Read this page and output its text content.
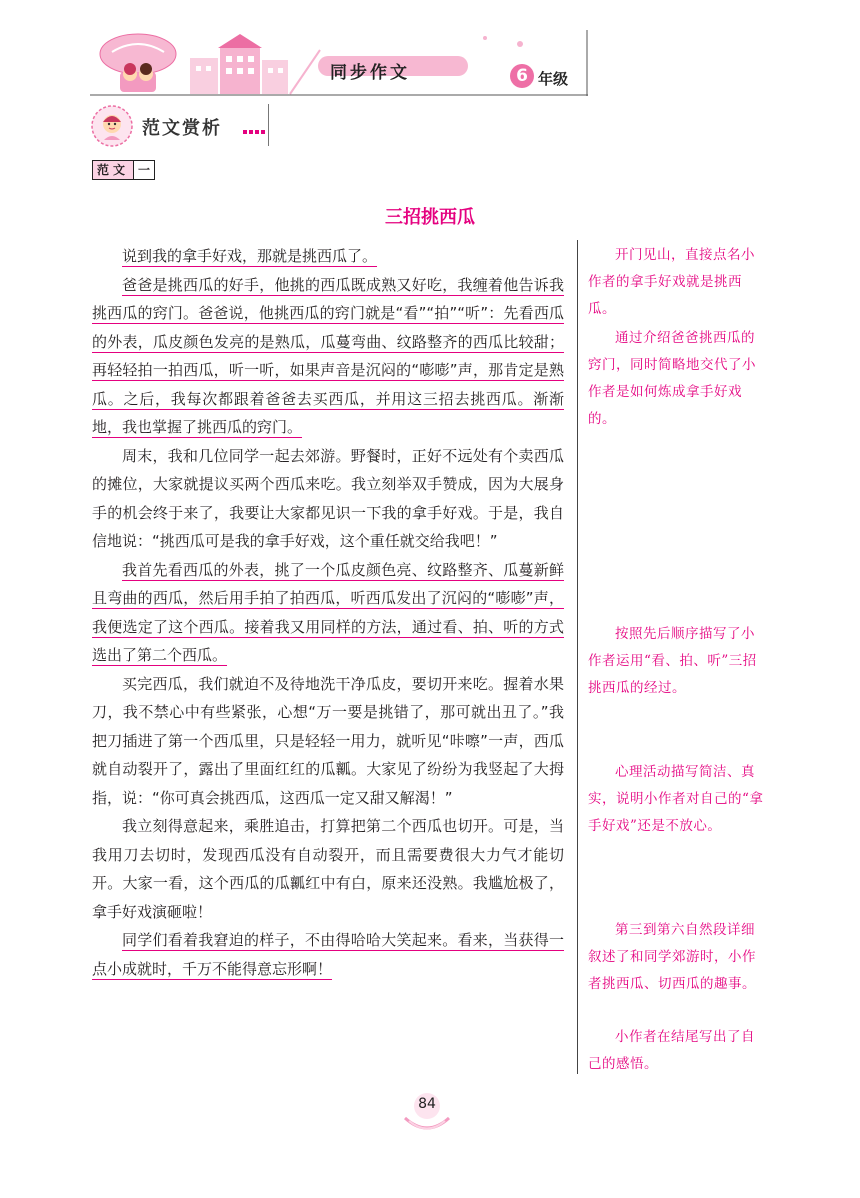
同步作文	6 年级
范文赏析
范文 一
三招挑西瓜

说到我的拿手好戏，那就是挑西瓜了。

爸爸是挑西瓜的好手，他挑的西瓜既成熟又好吃，我缠着他告诉我挑西瓜的窍门。爸爸说，他挑西瓜的窍门就是“看”“拍”“听”：先看西瓜的外表，瓜皮颜色发亮的是熟瓜，瓜蔓弯曲、纹路整齐的西瓜比较甜；再轻轻拍一拍西瓜，听一听，如果声音是沉闷的“嘭嘭”声，那肯定是熟瓜。之后，我每次都跟着爸爸去买西瓜，并用这三招去挑西瓜。渐渐地，我也掌握了挑西瓜的窍门。

周末，我和几位同学一起去郊游。野餐时，正好不远处有个卖西瓜的摊位，大家就提议买两个西瓜来吃。我立刻举双手赞成，因为大展身手的机会终于来了，我要让大家都见识一下我的拿手好戏。于是，我自信地说：“挑西瓜可是我的拿手好戏，这个重任就交给我吧！”

我首先看西瓜的外表，挑了一个瓜皮颜色亮、纹路整齐、瓜蔓新鲜且弯曲的西瓜，然后用手拍了拍西瓜，听西瓜发出了沉闷的“嘭嘭”声，我便选定了这个西瓜。接着我又用同样的方法，通过看、拍、听的方式选出了第二个西瓜。

买完西瓜，我们就迫不及待地洗干净瓜皮，要切开来吃。握着水果刀，我不禁心中有些紧张，心想“万一要是挑错了，那可就出丑了。”我把刀插进了第一个西瓜里，只是轻轻一用力，就听见“咔嚓”一声，西瓜就自动裂开了，露出了里面红红的瓜瓤。大家见了纷纷为我竖起了大拇指，说：“你可真会挑西瓜，这西瓜一定又甜又解渴！”

我立刻得意起来，乘胜追击，打算把第二个西瓜也切开。可是，当我用刀去切时，发现西瓜没有自动裂开，而且需要费很大力气才能切开。大家一看，这个西瓜的瓜瓤红中有白，原来还没熟。我尴尬极了，拿手好戏演砸啦！

同学们看着我窘迫的样子，不由得哈哈大笑起来。看来，当获得一点小成就时，千万不能得意忘形啊！

开门见山，直接点名小作者的拿手好戏就是挑西瓜。

通过介绍爸爸挑西瓜的窍门，同时简略地交代了小作者是如何炼成拿手好戏的。

按照先后顺序描写了小作者运用“看、拍、听”三招挑西瓜的经过。

心理活动描写简洁、真实，说明小作者对自己的“拿手好戏”还是不放心。

第三到第六自然段详细叙述了和同学郊游时，小作者挑西瓜、切西瓜的趣事。

小作者在结尾写出了自己的感悟。

84
